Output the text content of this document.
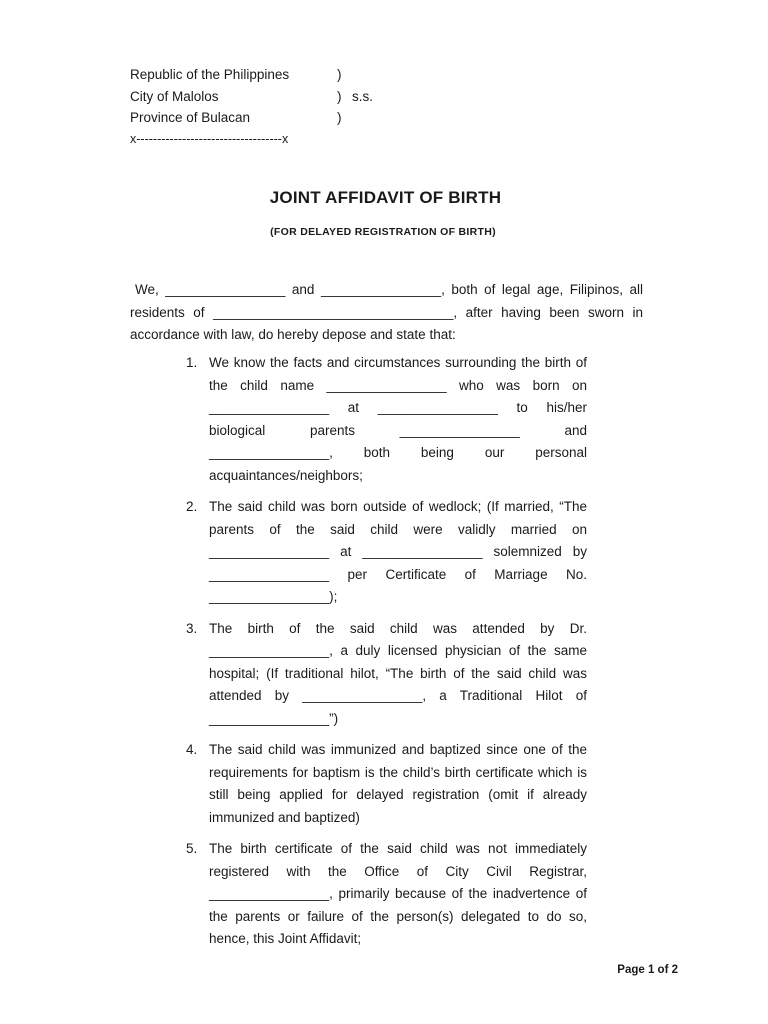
Republic of the Philippines	)
City of Malolos	) s.s.
Province of Bulacan	)
x-----------------------------------x
JOINT AFFIDAVIT OF BIRTH
(FOR DELAYED REGISTRATION OF BIRTH)

We, ________________ and ________________, both of legal age, Filipinos, all residents of ________________________________, after having been sworn in accordance with law, do hereby depose and state that:

1. We know the facts and circumstances surrounding the birth of the child name ________________ who was born on ________________ at ________________ to his/her biological parents ________________ and ________________, both being our personal acquaintances/neighbors;
2. The said child was born outside of wedlock; (If married, “The parents of the said child were validly married on ________________ at ________________ solemnized by ________________ per Certificate of Marriage No. ________________);
3. The birth of the said child was attended by Dr. ________________, a duly licensed physician of the same hospital; (If traditional hilot, “The birth of the said child was attended by ________________, a Traditional Hilot of ________________”)
4. The said child was immunized and baptized since one of the requirements for baptism is the child’s birth certificate which is still being applied for delayed registration (omit if already immunized and baptized)
5. The birth certificate of the said child was not immediately registered with the Office of City Civil Registrar, ________________, primarily because of the inadvertence of the parents or failure of the person(s) delegated to do so, hence, this Joint Affidavit;
Page 1 of 2
